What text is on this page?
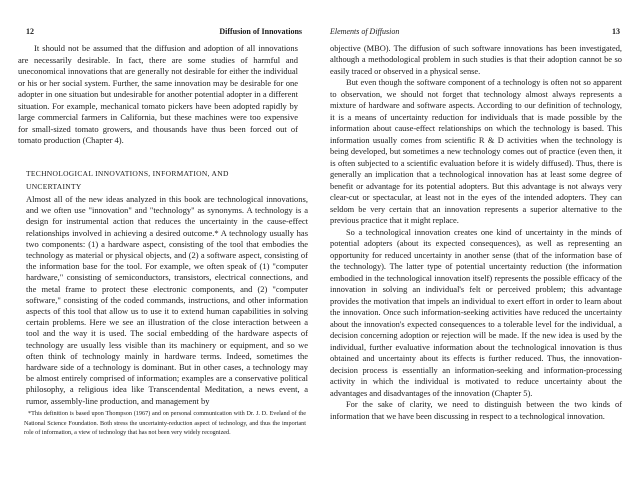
12	Diffusion of Innovations

It should not be assumed that the diffusion and adoption of all innovations are necessarily desirable. In fact, there are some studies of harmful and uneconomical innovations that are generally not desirable for either the individual or his or her social system. Further, the same innovation may be desirable for one adopter in one situation but undesirable for another potential adopter in a different situation. For example, mechanical tomato pickers have been adopted rapidly by large commercial farmers in California, but these machines were too expensive for small-sized tomato growers, and thousands have thus been forced out of tomato production (Chapter 4).

TECHNOLOGICAL INNOVATIONS, INFORMATION, AND UNCERTAINTY

Almost all of the new ideas analyzed in this book are technological innovations, and we often use "innovation" and "technology" as synonyms. A technology is a design for instrumental action that reduces the uncertainty in the cause-effect relationships involved in achieving a desired outcome.* A technology usually has two components: (1) a hardware aspect, consisting of the tool that embodies the technology as material or physical objects, and (2) a software aspect, consisting of the information base for the tool. For example, we often speak of (1) "computer hardware," consisting of semiconductors, transistors, electrical connections, and the metal frame to protect these electronic components, and (2) "computer software," consisting of the coded commands, instructions, and other information aspects of this tool that allow us to use it to extend human capabilities in solving certain problems. Here we see an illustration of the close interaction between a tool and the way it is used. The social embedding of the hardware aspects of technology are usually less visible than its machinery or equipment, and so we often think of technology mainly in hardware terms. Indeed, sometimes the hardware side of a technology is dominant. But in other cases, a technology may be almost entirely comprised of information; examples are a conservative political philosophy, a religious idea like Transcendental Meditation, a news event, a rumor, assembly-line production, and management by

*This definition is based upon Thompson (1967) and on personal communication with Dr. J. D. Eveland of the National Science Foundation. Both stress the uncertainty-reduction aspect of technology, and thus the important role of information, a view of technology that has not been very widely recognized.

Elements of Diffusion	13

objective (MBO). The diffusion of such software innovations has been investigated, although a methodological problem in such studies is that their adoption cannot be so easily traced or observed in a physical sense.

But even though the software component of a technology is often not so apparent to observation, we should not forget that technology almost always represents a mixture of hardware and software aspects. According to our definition of technology, it is a means of uncertainty reduction for individuals that is made possible by the information about cause-effect relationships on which the technology is based. This information usually comes from scientific R & D activities when the technology is being developed, but sometimes a new technology comes out of practice (even then, it is often subjected to a scientific evaluation before it is widely diffused). Thus, there is generally an implication that a technological innovation has at least some degree of benefit or advantage for its potential adopters. But this advantage is not always very clear-cut or spectacular, at least not in the eyes of the intended adopters. They can seldom be very certain that an innovation represents a superior alternative to the previous practice that it might replace.

So a technological innovation creates one kind of uncertainty in the minds of potential adopters (about its expected consequences), as well as representing an opportunity for reduced uncertainty in another sense (that of the information base of the technology). The latter type of potential uncertainty reduction (the information embodied in the technological innovation itself) represents the possible efficacy of the innovation in solving an individual's felt or perceived problem; this advantage provides the motivation that impels an individual to exert effort in order to learn about the innovation. Once such information-seeking activities have reduced the uncertainty about the innovation's expected consequences to a tolerable level for the individual, a decision concerning adoption or rejection will be made. If the new idea is used by the individual, further evaluative information about the technological innovation is thus obtained and uncertainty about its effects is further reduced. Thus, the innovation-decision process is essentially an information-seeking and information-processing activity in which the individual is motivated to reduce uncertainty about the advantages and disadvantages of the innovation (Chapter 5).

For the sake of clarity, we need to distinguish between the two kinds of information that we have been discussing in respect to a technological innovation.
